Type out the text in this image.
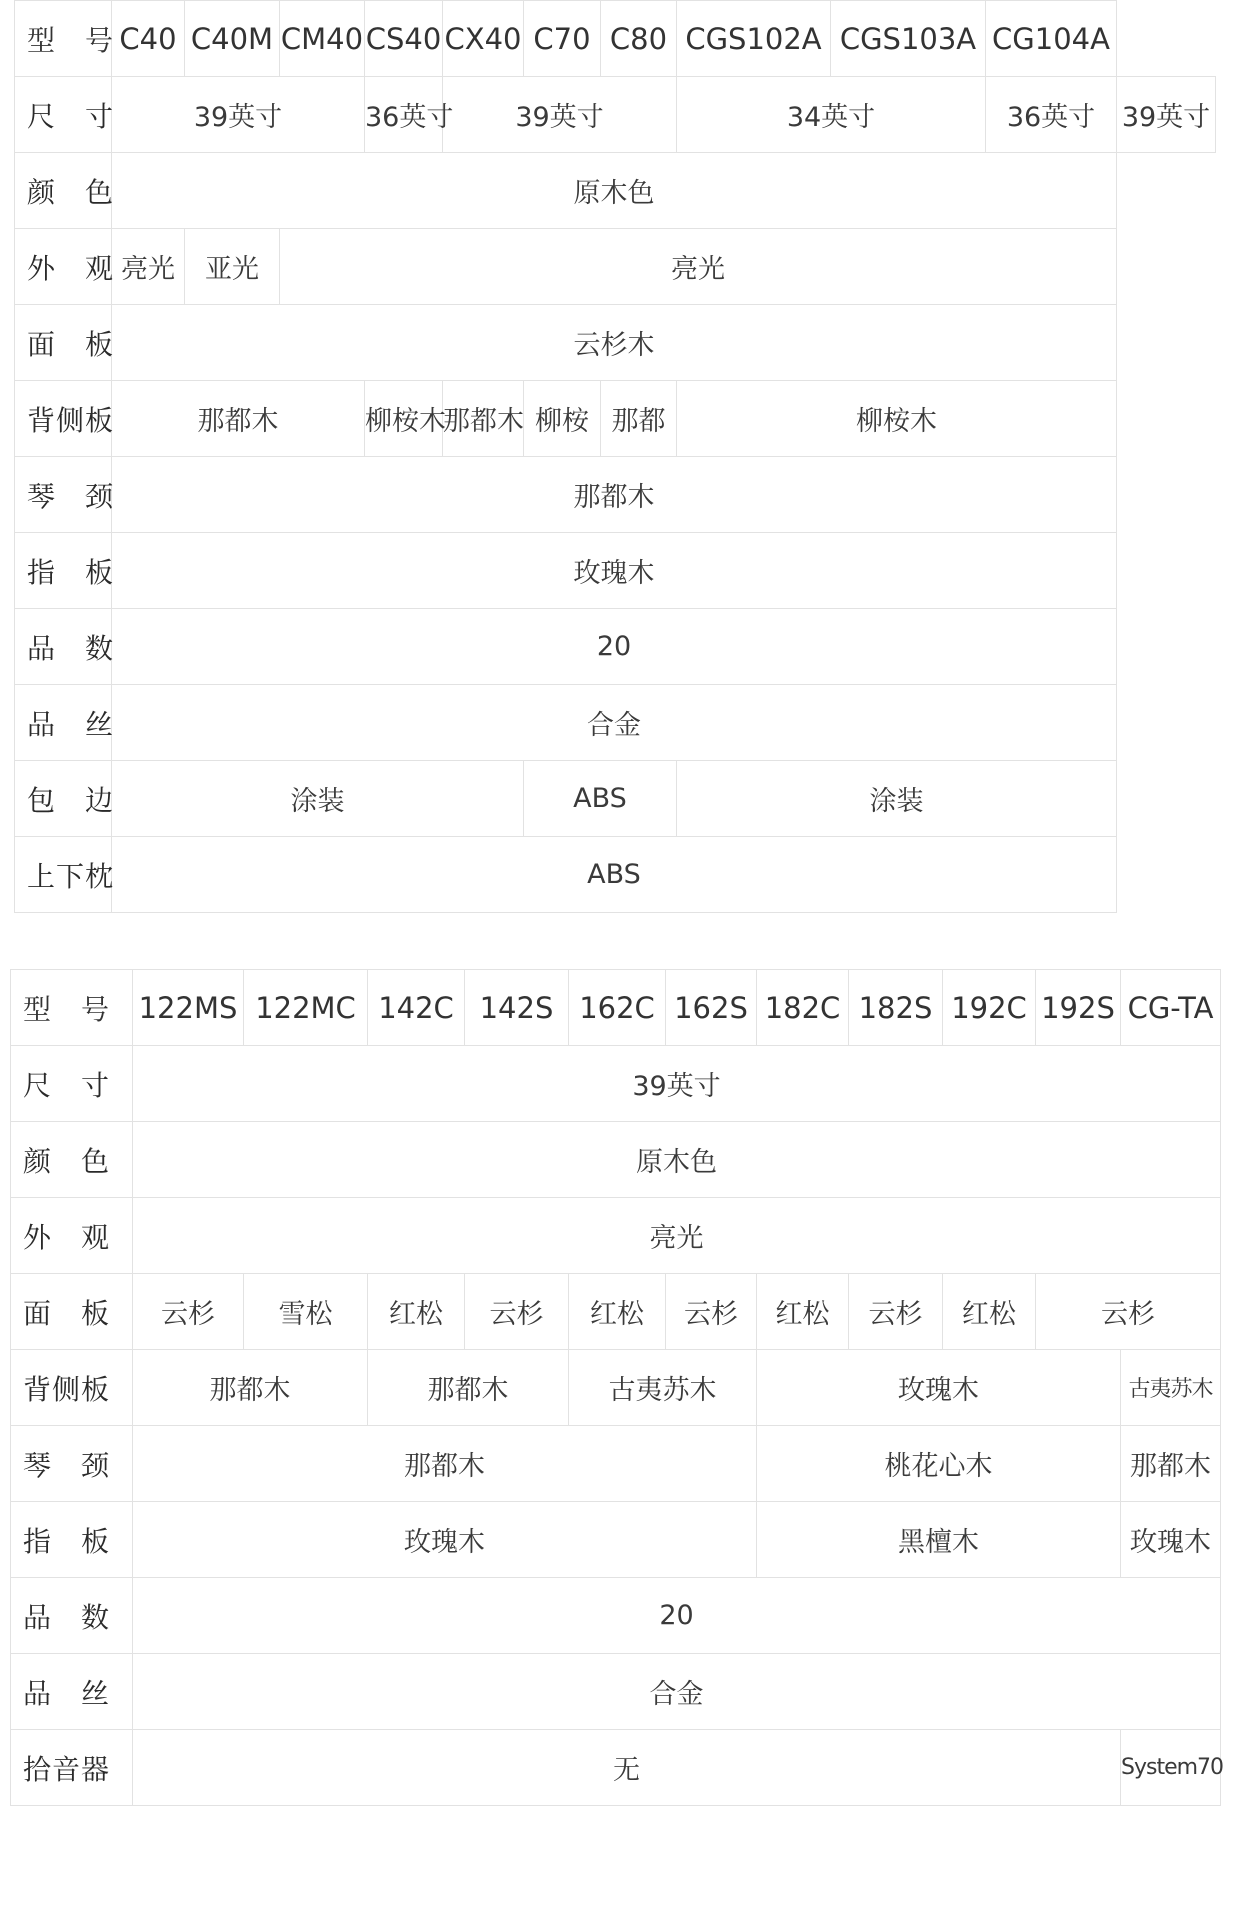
型　号	C40	C40M	CM40	CS40	CX40	C70	C80	CGS102A	CGS103A	CG104A	
尺　寸	39英寸			36英寸	39英寸			34英寸		36英寸	39英寸
颜　色	原木色										
外　观	亮光	亚光	亮光								
面　板	云杉木										
背侧板	那都木			柳桉木	那都木	柳桉	那都	柳桉木			
琴　颈	那都木										
指　板	玫瑰木										
品　数	20										
品　丝	合金										
包　边	涂装					ABS		涂装			
上下枕	ABS										
型　号	122MS	122MC	142C	142S	162C	162S	182C	182S	192C	192S	CG-TA
尺　寸	39英寸										
颜　色	原木色										
外　观	亮光										
面　板	云杉	雪松	红松	云杉	红松	云杉	红松	云杉	红松	云杉	
背侧板	那都木		那都木		古夷苏木		玫瑰木				古夷苏木
琴　颈	那都木						桃花心木				那都木
指　板	玫瑰木						黑檀木				玫瑰木
品　数	20										
品　丝	合金										
拾音器	无										System70
